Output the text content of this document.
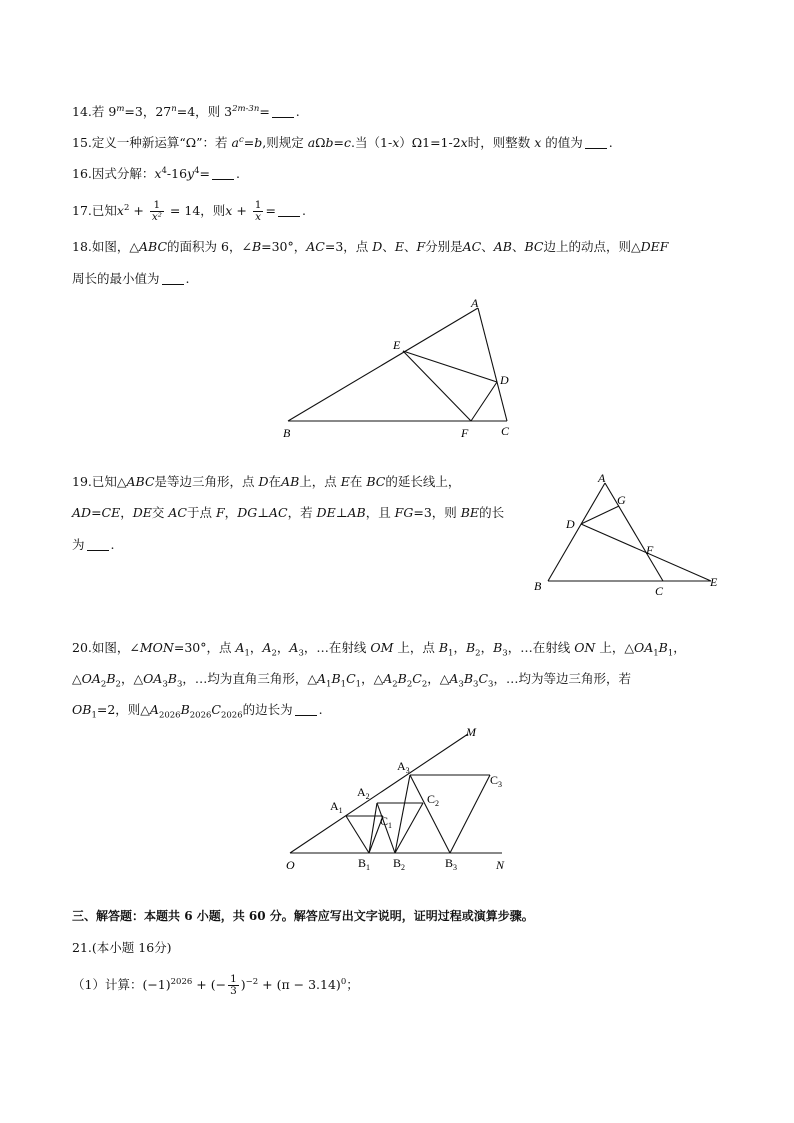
14.若 $9^m=3$，$27^n=4$，则 $3^{2m-3n}=$ .
15.定义一种新运算“Ω”：若 $a^c=b$,则规定 aΩb=c.当（1-x）Ω1=1-2x时，则整数 x 的值为 .
16.因式分解：$x^4-16y^4=$ .
17.已知$x^2 + \frac{1}{\text{x²}} = 14$，则$x + \frac{1}{x}$ = .
18.如图，△ABC的面积为 6，∠B=30°，AC=3，点 D、E、F分别是AC、AB、BC边上的动点，则△DEF
周长的最小值为 .
A
B	C
D
E
F
19.已知△ABC是等边三角形，点 D在AB上，点 E在 BC的延长线上，
AD=CE，DE交 AC于点 F，DG⊥AC，若 DE⊥AB，且 FG=3，则 BE的长
为 .
A
B	C
D
E
F
G
20.如图，∠MON=30°，点 $A_1$，$A_2$，$A_3$，…在射线 OM 上，点 $B_1$，$B_2$，$B_3$，…在射线 ON 上，$\triangle OA_1B_1$，
$\triangle OA_2B_2$，$\triangle OA_3B_3$，…均为直角三角形，$\triangle A_1B_1C_1$，$\triangle A_2B_2C_2$，$\triangle A_3B_3C_3$，…均为等边三角形，若
$OB_1=2$，则$\triangle A_{2026}B_{2026}C_{2026}$的边长为 .
M
N
O
$A_1$
$A_2$
$A_3$
$B_1$ $B_2$	$B_3$
$C_1$
$C_2$
$C_3$
三、解答题：本题共 6 小题，共 60 分。解答应写出文字说明，证明过程或演算步骤。
21.(本小题 16分)
（1）计算：$(-1)^{2026}$ + (− $\frac{1}{3} )^{-2} + (\pi - 3.14)^0$；
